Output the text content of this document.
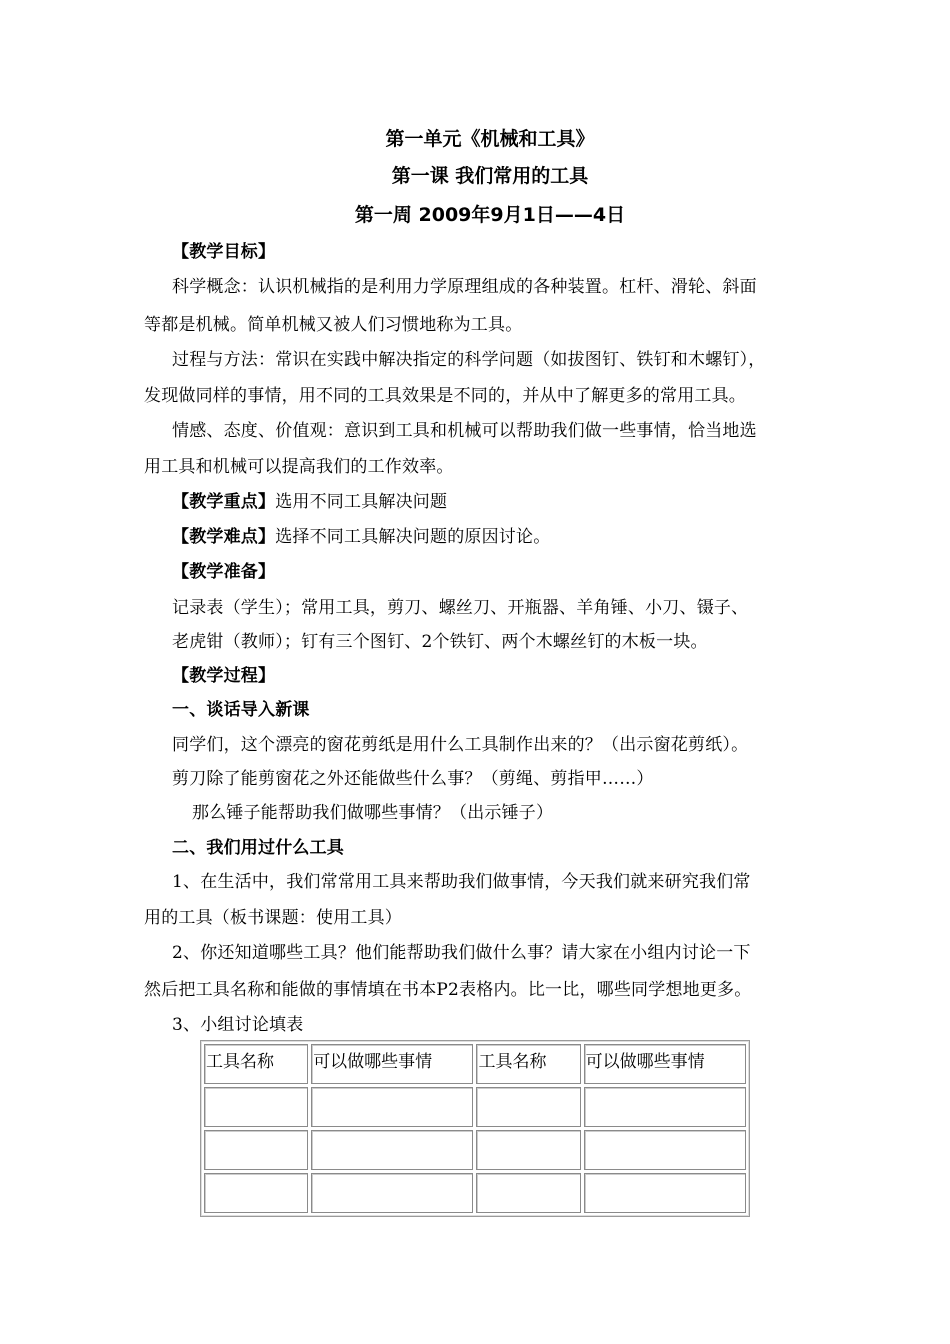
第一单元《机械和工具》
第一课 我们常用的工具
第一周 2009年9月1日——4日
【教学目标】
科学概念：认识机械指的是利用力学原理组成的各种装置。杠杆、滑轮、斜面
等都是机械。简单机械又被人们习惯地称为工具。
过程与方法：常识在实践中解决指定的科学问题（如拔图钉、铁钉和木螺钉），
发现做同样的事情，用不同的工具效果是不同的，并从中了解更多的常用工具。
情感、态度、价值观：意识到工具和机械可以帮助我们做一些事情，恰当地选
用工具和机械可以提高我们的工作效率。
【教学重点】选用不同工具解决问题
【教学难点】选择不同工具解决问题的原因讨论。
【教学准备】
记录表（学生）；常用工具，剪刀、螺丝刀、开瓶器、羊角锤、小刀、镊子、
老虎钳（教师）；钉有三个图钉、2个铁钉、两个木螺丝钉的木板一块。
【教学过程】
一、谈话导入新课
同学们，这个漂亮的窗花剪纸是用什么工具制作出来的？（出示窗花剪纸）。
剪刀除了能剪窗花之外还能做些什么事？（剪绳、剪指甲……）
那么锤子能帮助我们做哪些事情？（出示锤子）
二、我们用过什么工具
1、在生活中，我们常常用工具来帮助我们做事情，今天我们就来研究我们常
用的工具（板书课题：使用工具）
2、你还知道哪些工具？他们能帮助我们做什么事？请大家在小组内讨论一下
然后把工具名称和能做的事情填在书本P2表格内。比一比，哪些同学想地更多。
3、小组讨论填表
工具名称	可以做哪些事情	工具名称	可以做哪些事情
